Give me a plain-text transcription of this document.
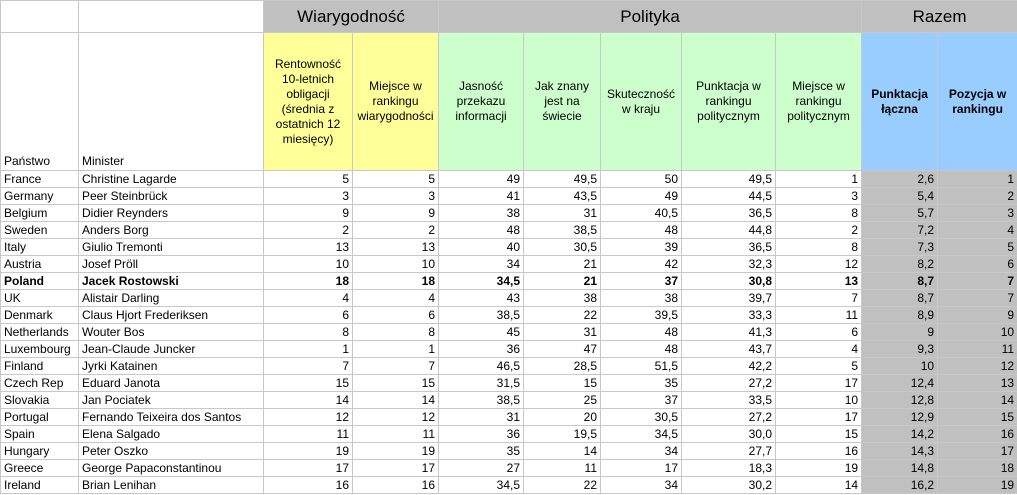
		Wiarygodność		Polityka					Razem	
Państwo	Minister	Rentowność 10-letnich obligacji (średnia z ostatnich 12 miesięcy)	Miejsce w rankingu wiarygodności	Jasność przekazu informacji	Jak znany jest na świecie	Skuteczność w kraju	Punktacja w rankingu politycznym	Miejsce w rankingu politycznym	Punktacja łączna	Pozycja w rankingu
France	Christine Lagarde	5	5	49	49,5	50	49,5	1	2,6	1
Germany	Peer Steinbrück	3	3	41	43,5	49	44,5	3	5,4	2
Belgium	Didier Reynders	9	9	38	31	40,5	36,5	8	5,7	3
Sweden	Anders Borg	2	2	48	38,5	48	44,8	2	7,2	4
Italy	Giulio Tremonti	13	13	40	30,5	39	36,5	8	7,3	5
Austria	Josef Pröll	10	10	34	21	42	32,3	12	8,2	6
Poland	Jacek Rostowski	18	18	34,5	21	37	30,8	13	8,7	7
UK	Alistair Darling	4	4	43	38	38	39,7	7	8,7	7
Denmark	Claus Hjort Frederiksen	6	6	38,5	22	39,5	33,3	11	8,9	9
Netherlands	Wouter Bos	8	8	45	31	48	41,3	6	9	10
Luxembourg	Jean-Claude Juncker	1	1	36	47	48	43,7	4	9,3	11
Finland	Jyrki Katainen	7	7	46,5	28,5	51,5	42,2	5	10	12
Czech Rep	Eduard Janota	15	15	31,5	15	35	27,2	17	12,4	13
Slovakia	Jan Pociatek	14	14	38,5	25	37	33,5	10	12,8	14
Portugal	Fernando Teixeira dos Santos	12	12	31	20	30,5	27,2	17	12,9	15
Spain	Elena Salgado	11	11	36	19,5	34,5	30,0	15	14,2	16
Hungary	Peter Oszko	19	19	35	14	34	27,7	16	14,3	17
Greece	George Papaconstantinou	17	17	27	11	17	18,3	19	14,8	18
Ireland	Brian Lenihan	16	16	34,5	22	34	30,2	14	16,2	19
